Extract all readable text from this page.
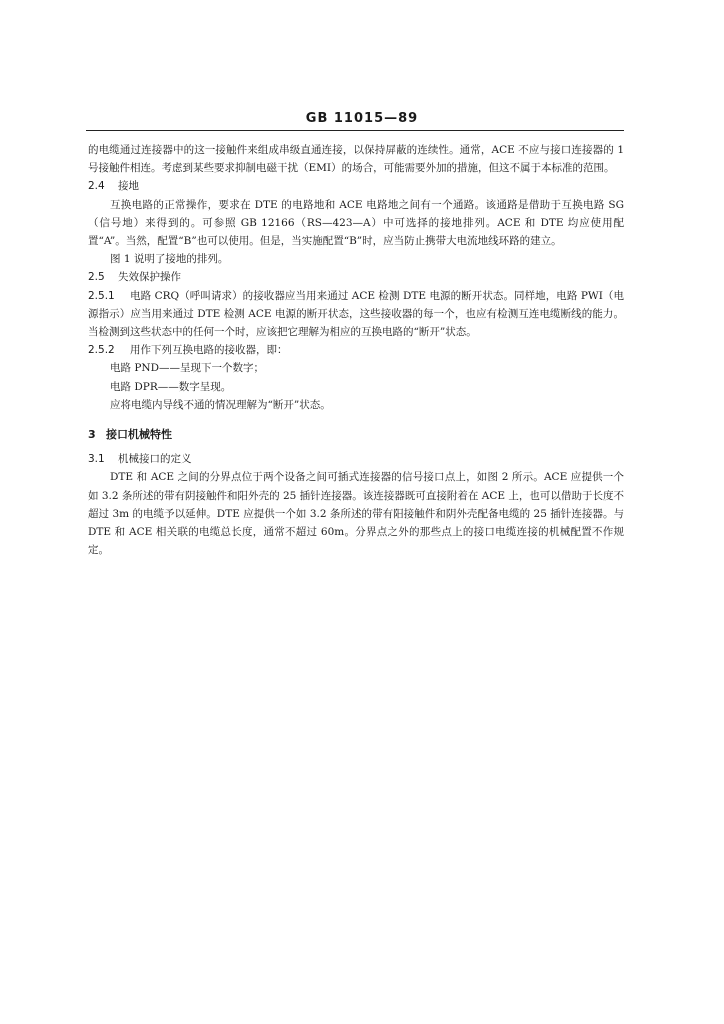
GB 11015—89

的电缆通过连接器中的这一接触件来组成串级直通连接，以保持屏蔽的连续性。通常，ACE 不应与接口连接器的 1 号接触件相连。考虑到某些要求抑制电磁干扰（EMI）的场合，可能需要外加的措施，但这不属于本标准的范围。

2.4 接地

互换电路的正常操作，要求在 DTE 的电路地和 ACE 电路地之间有一个通路。该通路是借助于互换电路 SG（信号地）来得到的。可参照 GB 12166（RS—423—A）中可选择的接地排列。ACE 和 DTE 均应使用配置“A”。当然，配置“B”也可以使用。但是，当实施配置“B”时，应当防止携带大电流地线环路的建立。

图 1 说明了接地的排列。

2.5 失效保护操作

2.5.1 电路 CRQ（呼叫请求）的接收器应当用来通过 ACE 检测 DTE 电源的断开状态。同样地，电路 PWI（电源指示）应当用来通过 DTE 检测 ACE 电源的断开状态，这些接收器的每一个，也应有检测互连电缆断线的能力。当检测到这些状态中的任何一个时，应该把它理解为相应的互换电路的“断开”状态。

2.5.2 用作下列互换电路的接收器，即：

电路 PND——呈现下一个数字；

电路 DPR——数字呈现。

应将电缆内导线不通的情况理解为“断开”状态。

3 接口机械特性

3.1 机械接口的定义

DTE 和 ACE 之间的分界点位于两个设备之间可插式连接器的信号接口点上，如图 2 所示。ACE 应提供一个如 3.2 条所述的带有阴接触件和阳外壳的 25 插针连接器。该连接器既可直接附着在 ACE 上，也可以借助于长度不超过 3m 的电缆予以延伸。DTE 应提供一个如 3.2 条所述的带有阳接触件和阴外壳配备电缆的 25 插针连接器。与 DTE 和 ACE 相关联的电缆总长度，通常不超过 60m。分界点之外的那些点上的接口电缆连接的机械配置不作规定。
